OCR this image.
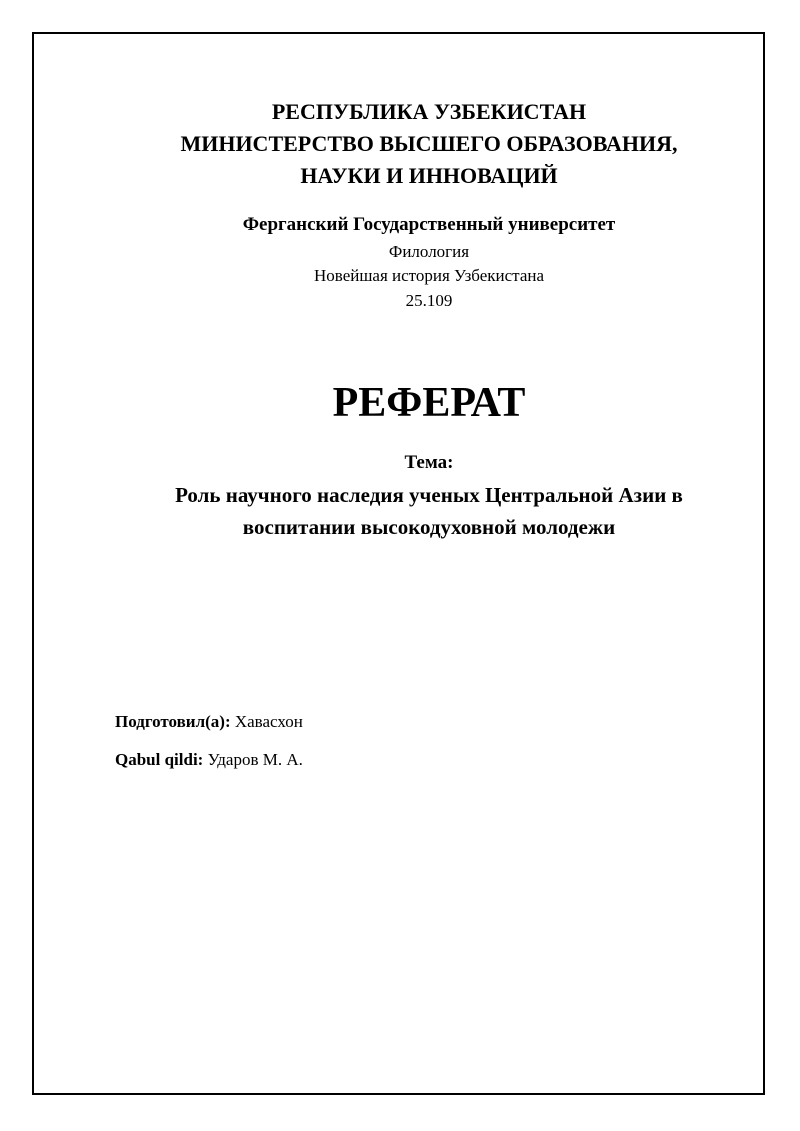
РЕСПУБЛИКА УЗБЕКИСТАН
МИНИСТЕРСТВО ВЫСШЕГО ОБРАЗОВАНИЯ,
НАУКИ И ИННОВАЦИЙ
Ферганский Государственный университет
Филология
Новейшая история Узбекистана
25.109
РЕФЕРАТ
Тема:
Роль научного наследия ученых Центральной Азии в
воспитании высокодуховной молодежи
Подготовил(а): Хавасхон
Qabul qildi: Ударов М. А.
